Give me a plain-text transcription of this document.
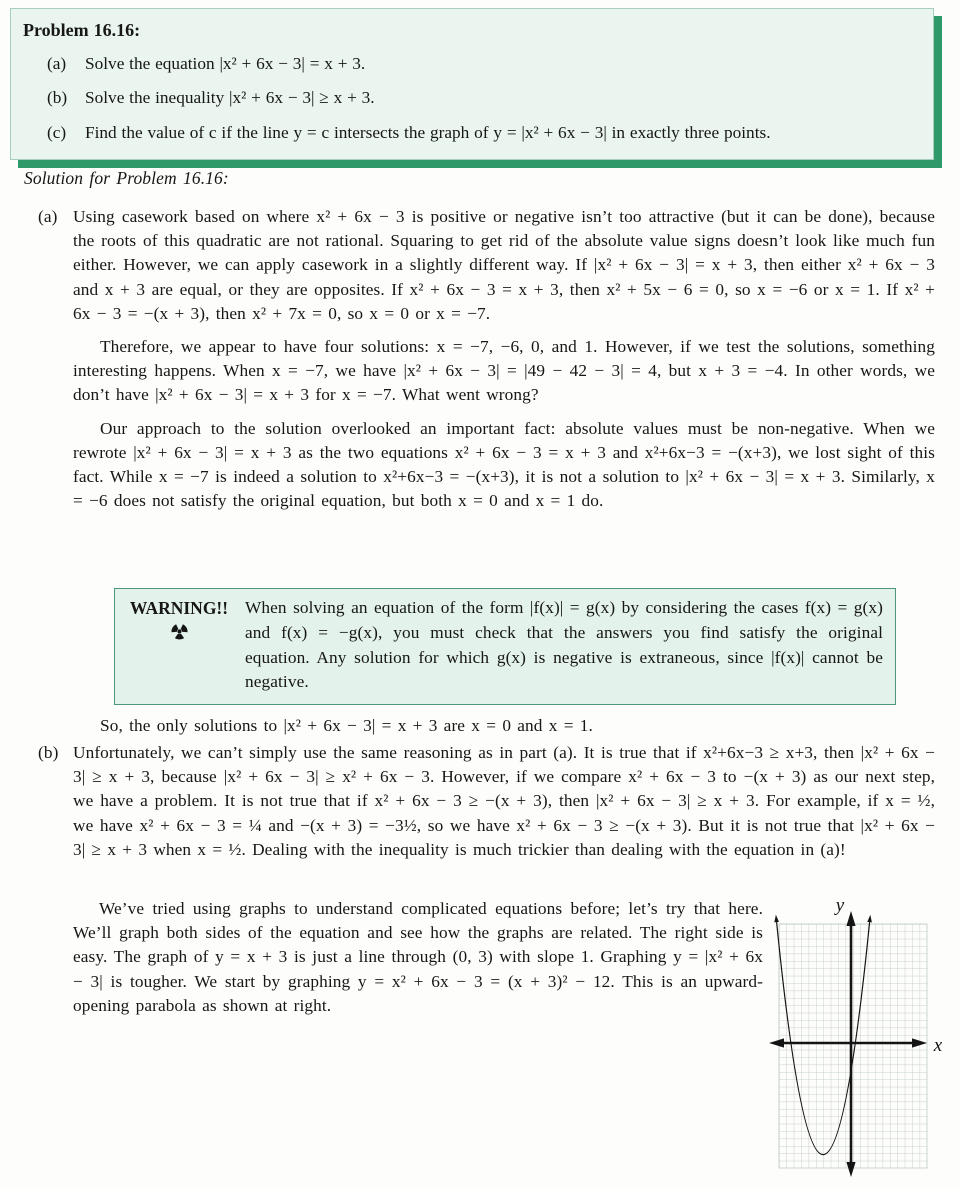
Problem 16.16:
(a)	Solve the equation |x² + 6x − 3| = x + 3.
(b)	Solve the inequality |x² + 6x − 3| ≥ x + 3.
(c)	Find the value of c if the line y = c intersects the graph of y = |x² + 6x − 3| in exactly three points.
Solution for Problem 16.16:
(a) Using casework based on where x² + 6x − 3 is positive or negative isn’t too attractive (but it can be done), because the roots of this quadratic are not rational. Squaring to get rid of the absolute value signs doesn’t look like much fun either. However, we can apply casework in a slightly different way. If |x² + 6x − 3| = x + 3, then either x² + 6x − 3 and x + 3 are equal, or they are opposites. If x² + 6x − 3 = x + 3, then x² + 5x − 6 = 0, so x = −6 or x = 1. If x² + 6x − 3 = −(x + 3), then x² + 7x = 0, so x = 0 or x = −7.

Therefore, we appear to have four solutions: x = −7, −6, 0, and 1. However, if we test the solutions, something interesting happens. When x = −7, we have |x² + 6x − 3| = |49 − 42 − 3| = 4, but x + 3 = −4. In other words, we don’t have |x² + 6x − 3| = x + 3 for x = −7. What went wrong?

Our approach to the solution overlooked an important fact: absolute values must be non-negative. When we rewrote |x² + 6x − 3| = x + 3 as the two equations x² + 6x − 3 = x + 3 and x²+6x−3 = −(x+3), we lost sight of this fact. While x = −7 is indeed a solution to x²+6x−3 = −(x+3), it is not a solution to |x² + 6x − 3| = x + 3. Similarly, x = −6 does not satisfy the original equation, but both x = 0 and x = 1 do.

WARNING!! When solving an equation of the form |f(x)| = g(x) by considering the cases f(x) = g(x) and f(x) = −g(x), you must check that the answers you find satisfy the original equation. Any solution for which g(x) is negative is extraneous, since |f(x)| cannot be negative.

So, the only solutions to |x² + 6x − 3| = x + 3 are x = 0 and x = 1.

(b) Unfortunately, we can’t simply use the same reasoning as in part (a). It is true that if x²+6x−3 ≥ x+3, then |x² + 6x − 3| ≥ x + 3, because |x² + 6x − 3| ≥ x² + 6x − 3. However, if we compare x² + 6x − 3 to −(x + 3) as our next step, we have a problem. It is not true that if x² + 6x − 3 ≥ −(x + 3), then |x² + 6x − 3| ≥ x + 3. For example, if x = ½, we have x² + 6x − 3 = ¼ and −(x + 3) = −3½, so we have x² + 6x − 3 ≥ −(x + 3). But it is not true that |x² + 6x − 3| ≥ x + 3 when x = ½. Dealing with the inequality is much trickier than dealing with the equation in (a)!

We’ve tried using graphs to understand complicated equations before; let’s try that here. We’ll graph both sides of the equation and see how the graphs are related. The right side is easy. The graph of y = x + 3 is just a line through (0, 3) with slope 1. Graphing y = |x² + 6x − 3| is tougher. We start by graphing y = x² + 6x − 3 = (x + 3)² − 12. This is an upward-opening parabola as shown at right.

y
x
